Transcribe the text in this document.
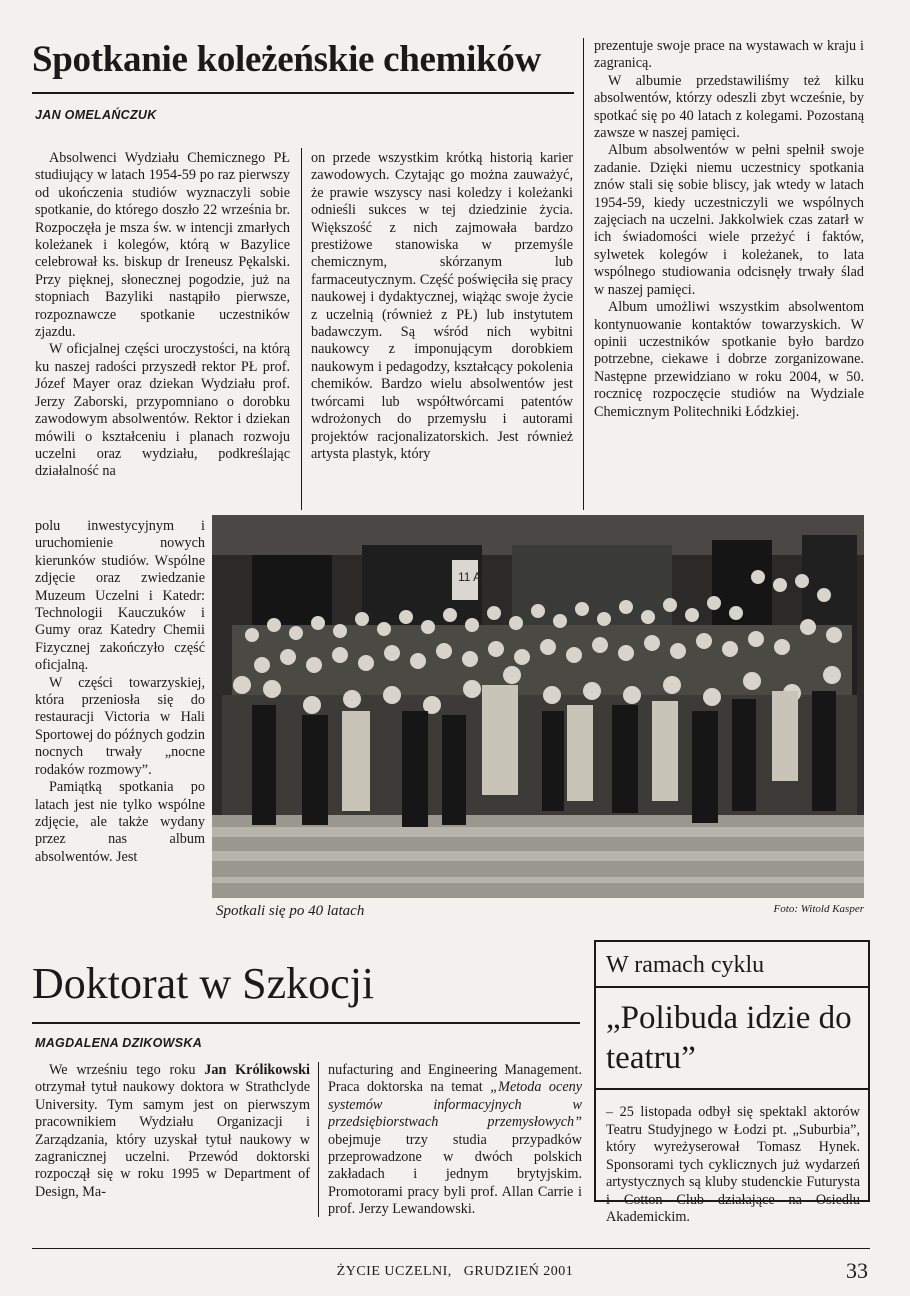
Spotkanie koleżeńskie chemików
JAN OMELAŃCZUK

Absolwenci Wydziału Chemicznego PŁ studiujący w latach 1954-59 po raz pierwszy od ukończenia studiów wyznaczyli sobie spotkanie, do którego doszło 22 września br. Rozpoczęła je msza św. w intencji zmarłych koleżanek i kolegów, którą w Bazylice celebrował ks. biskup dr Ireneusz Pękalski. Przy pięknej, słonecznej pogodzie, już na stopniach Bazyliki nastąpiło pierwsze, rozpoznawcze spotkanie uczestników zjazdu.

W oficjalnej części uroczystości, na którą ku naszej radości przyszedł rektor PŁ prof. Józef Mayer oraz dziekan Wydziału prof. Jerzy Zaborski, przypomniano o dorobku zawodowym absolwentów. Rektor i dziekan mówili o kształceniu i planach rozwoju uczelni oraz wydziału, podkreślając działalność na

polu inwestycyjnym i uruchomienie nowych kierunków studiów. Wspólne zdjęcie oraz zwiedzanie Muzeum Uczelni i Katedr: Technologii Kauczuków i Gumy oraz Katedry Chemii Fizycznej zakończyło część oficjalną.

W części towarzyskiej, która przeniosła się do restauracji Victoria w Hali Sportowej do późnych godzin nocnych trwały „nocne rodaków rozmowy”.

Pamiątką spotkania po latach jest nie tylko wspólne zdjęcie, ale także wydany przez nas album absolwentów. Jest

on przede wszystkim krótką historią karier zawodowych. Czytając go można zauważyć, że prawie wszyscy nasi koledzy i koleżanki odnieśli sukces w tej dziedzinie życia. Większość z nich zajmowała bardzo prestiżowe stanowiska w przemyśle chemicznym, skórzanym lub farmaceutycznym. Część poświęciła się pracy naukowej i dydaktycznej, wiążąc swoje życie z uczelnią (również z PŁ) lub instytutem badawczym. Są wśród nich wybitni naukowcy z imponującym dorobkiem naukowym i pedagodzy, kształcący pokolenia chemików. Bardzo wielu absolwentów jest twórcami lub współtwórcami patentów wdrożonych do przemysłu i autorami projektów racjonalizatorskich. Jest również artysta plastyk, który

prezentuje swoje prace na wystawach w kraju i zagranicą.

W albumie przedstawiliśmy też kilku absolwentów, którzy odeszli zbyt wcześnie, by spotkać się po 40 latach z kolegami. Pozostaną zawsze w naszej pamięci.

Album absolwentów w pełni spełnił swoje zadanie. Dzięki niemu uczestnicy spotkania znów stali się sobie bliscy, jak wtedy w latach 1954-59, kiedy uczestniczyli we wspólnych zajęciach na uczelni. Jakkolwiek czas zatarł w ich świadomości wiele przeżyć i faktów, sylwetek kolegów i koleżanek, to lata wspólnego studiowania odcisnęły trwały ślad w naszej pamięci.

Album umożliwi wszystkim absolwentom kontynuowanie kontaktów towarzyskich. W opinii uczestników spotkanie było bardzo potrzebne, ciekawe i dobrze zorganizowane. Następne przewidziano w roku 2004, w 50. rocznicę rozpoczęcie studiów na Wydziale Chemicznym Politechniki Łódzkiej.

11 A
Spotkali się po 40 latach	Foto: Witold Kasper
Doktorat w Szkocji
MAGDALENA DZIKOWSKA

We wrześniu tego roku Jan Królikowski otrzymał tytuł naukowy doktora w Strathclyde University. Tym samym jest on pierwszym pracownikiem Wydziału Organizacji i Zarządzania, który uzyskał tytuł naukowy w zagranicznej uczelni. Przewód doktorski rozpoczął się w roku 1995 w Department of Design, Ma-

nufacturing and Engineering Management. Praca doktorska na temat „Metoda oceny systemów informacyjnych w przedsiębiorstwach przemysłowych” obejmuje trzy studia przypadków przeprowadzone w dwóch polskich zakładach i jednym brytyjskim. Promotorami pracy byli prof. Allan Carrie i prof. Jerzy Lewandowski.

W ramach cyklu
„Polibuda idzie do teatru”
– 25 listopada odbył się spektakl aktorów Teatru Studyjnego w Łodzi pt. „Suburbia”, który wyreżyserował Tomasz Hynek. Sponsorami tych cyklicznych już wydarzeń artystycznych są kluby studenckie Futurysta i Cotton Club działające na Osiedlu Akademickim.
ŻYCIE UCZELNI,   GRUDZIEŃ 2001	33
